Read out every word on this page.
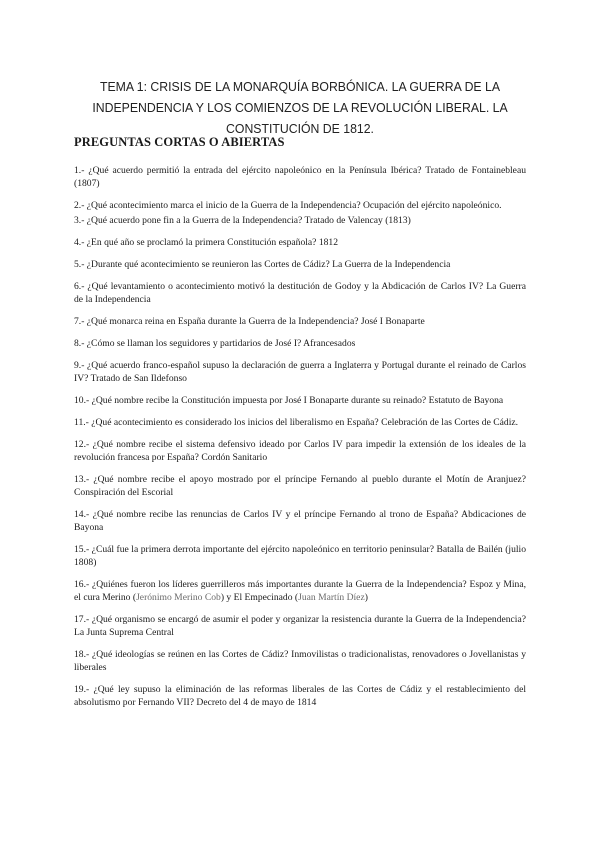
TEMA 1: CRISIS DE LA MONARQUÍA BORBÓNICA. LA GUERRA DE LA INDEPENDENCIA Y LOS COMIENZOS DE LA REVOLUCIÓN LIBERAL. LA CONSTITUCIÓN DE 1812.
PREGUNTAS CORTAS O ABIERTAS

1.- ¿Qué acuerdo permitió la entrada del ejército napoleónico en la Península Ibérica? Tratado de Fontainebleau (1807)

2.- ¿Qué acontecimiento marca el inicio de la Guerra de la Independencia? Ocupación del ejército napoleónico.

3.- ¿Qué acuerdo pone fin a la Guerra de la Independencia? Tratado de Valencay (1813)

4.- ¿En qué año se proclamó la primera Constitución española? 1812

5.- ¿Durante qué acontecimiento se reunieron las Cortes de Cádiz? La Guerra de la Independencia

6.- ¿Qué levantamiento o acontecimiento motivó la destitución de Godoy y la Abdicación de Carlos IV? La Guerra de la Independencia

7.- ¿Qué monarca reina en España durante la Guerra de la Independencia? José I Bonaparte

8.- ¿Cómo se llaman los seguidores y partidarios de José I? Afrancesados

9.- ¿Qué acuerdo franco-español supuso la declaración de guerra a Inglaterra y Portugal durante el reinado de Carlos IV? Tratado de San Ildefonso

10.- ¿Qué nombre recibe la Constitución impuesta por José I Bonaparte durante su reinado? Estatuto de Bayona

11.- ¿Qué acontecimiento es considerado los inicios del liberalismo en España? Celebración de las Cortes de Cádiz.

12.- ¿Qué nombre recibe el sistema defensivo ideado por Carlos IV para impedir la extensión de los ideales de la revolución francesa por España? Cordón Sanitario

13.- ¿Qué nombre recibe el apoyo mostrado por el príncipe Fernando al pueblo durante el Motín de Aranjuez? Conspiración del Escorial

14.- ¿Qué nombre recibe las renuncias de Carlos IV y el príncipe Fernando al trono de España? Abdicaciones de Bayona

15.- ¿Cuál fue la primera derrota importante del ejército napoleónico en territorio peninsular? Batalla de Bailén (julio 1808)

16.- ¿Quiénes fueron los líderes guerrilleros más importantes durante la Guerra de la Independencia? Espoz y Mina, el cura Merino (Jerónimo Merino Cob) y El Empecinado (Juan Martín Díez)

17.- ¿Qué organismo se encargó de asumir el poder y organizar la resistencia durante la Guerra de la Independencia? La Junta Suprema Central

18.- ¿Qué ideologías se reúnen en las Cortes de Cádiz? Inmovilistas o tradicionalistas, renovadores o Jovellanistas y liberales

19.- ¿Qué ley supuso la eliminación de las reformas liberales de las Cortes de Cádiz y el restablecimiento del absolutismo por Fernando VII? Decreto del 4 de mayo de 1814
